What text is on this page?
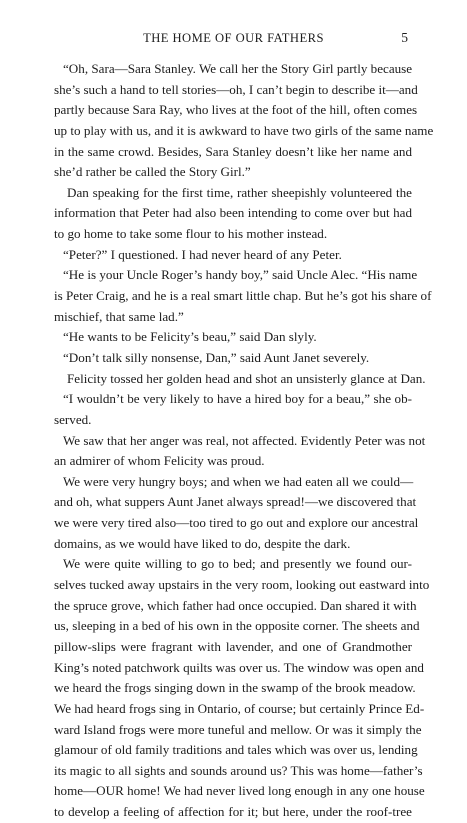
THE HOME OF OUR FATHERS	5
“Oh, Sara—Sara Stanley. We call her the Story Girl partly because
she’s such a hand to tell stories—oh, I can’t begin to describe it—and
partly because Sara Ray, who lives at the foot of the hill, often comes
up to play with us, and it is awkward to have two girls of the same name
in the same crowd. Besides, Sara Stanley doesn’t like her name and
she’d rather be called the Story Girl.”
Dan speaking for the first time, rather sheepishly volunteered the
information that Peter had also been intending to come over but had
to go home to take some flour to his mother instead.
“Peter?” I questioned. I had never heard of any Peter.
“He is your Uncle Roger’s handy boy,” said Uncle Alec. “His name
is Peter Craig, and he is a real smart little chap. But he’s got his share of
mischief, that same lad.”
“He wants to be Felicity’s beau,” said Dan slyly.
“Don’t talk silly nonsense, Dan,” said Aunt Janet severely.
Felicity tossed her golden head and shot an unsisterly glance at Dan.
“I wouldn’t be very likely to have a hired boy for a beau,” she ob-
served.
We saw that her anger was real, not affected. Evidently Peter was not
an admirer of whom Felicity was proud.
We were very hungry boys; and when we had eaten all we could—
and oh, what suppers Aunt Janet always spread!—we discovered that
we were very tired also—too tired to go out and explore our ancestral
domains, as we would have liked to do, despite the dark.
We were quite willing to go to bed; and presently we found our-
selves tucked away upstairs in the very room, looking out eastward into
the spruce grove, which father had once occupied. Dan shared it with
us, sleeping in a bed of his own in the opposite corner. The sheets and
pillow-slips were fragrant with lavender, and one of Grandmother
King’s noted patchwork quilts was over us. The window was open and
we heard the frogs singing down in the swamp of the brook meadow.
We had heard frogs sing in Ontario, of course; but certainly Prince Ed-
ward Island frogs were more tuneful and mellow. Or was it simply the
glamour of old family traditions and tales which was over us, lending
its magic to all sights and sounds around us? This was home—father’s
home—OUR home! We had never lived long enough in any one house
to develop a feeling of affection for it; but here, under the roof-tree
